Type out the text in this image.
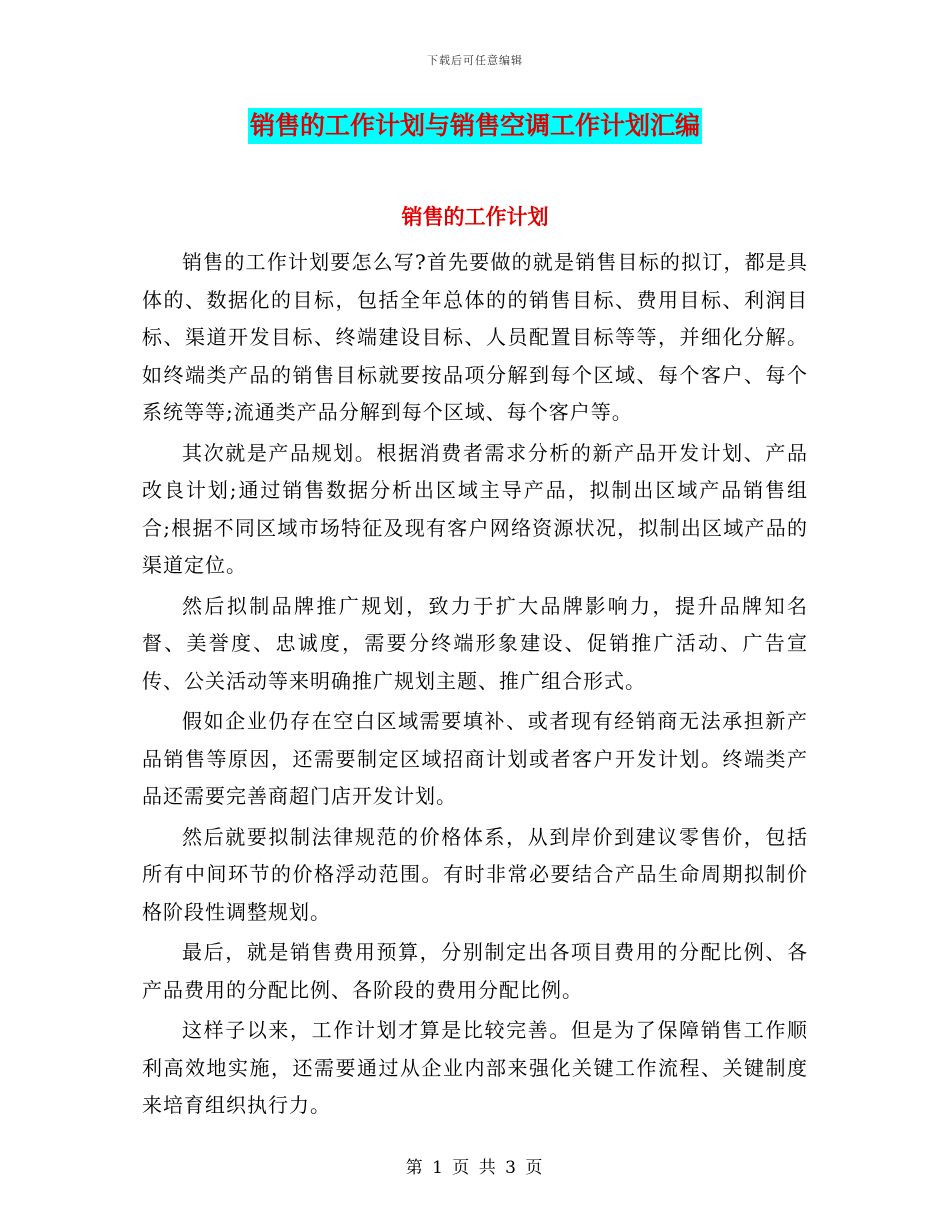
下载后可任意编辑
销售的工作计划与销售空调工作计划汇编
销售的工作计划

销售的工作计划要怎么写?首先要做的就是销售目标的拟订，都是具体的、数据化的目标，包括全年总体的的销售目标、费用目标、利润目标、渠道开发目标、终端建设目标、人员配置目标等等，并细化分解。如终端类产品的销售目标就要按品项分解到每个区域、每个客户、每个系统等等;流通类产品分解到每个区域、每个客户等。

其次就是产品规划。根据消费者需求分析的新产品开发计划、产品改良计划;通过销售数据分析出区域主导产品，拟制出区域产品销售组合;根据不同区域市场特征及现有客户网络资源状况，拟制出区域产品的渠道定位。

然后拟制品牌推广规划，致力于扩大品牌影响力，提升品牌知名督、美誉度、忠诚度，需要分终端形象建设、促销推广活动、广告宣传、公关活动等来明确推广规划主题、推广组合形式。

假如企业仍存在空白区域需要填补、或者现有经销商无法承担新产品销售等原因，还需要制定区域招商计划或者客户开发计划。终端类产品还需要完善商超门店开发计划。

然后就要拟制法律规范的价格体系，从到岸价到建议零售价，包括所有中间环节的价格浮动范围。有时非常必要结合产品生命周期拟制价格阶段性调整规划。

最后，就是销售费用预算，分别制定出各项目费用的分配比例、各产品费用的分配比例、各阶段的费用分配比例。

这样子以来，工作计划才算是比较完善。但是为了保障销售工作顺利高效地实施，还需要通过从企业内部来强化关键工作流程、关键制度来培育组织执行力。

第 1 页 共 3 页
